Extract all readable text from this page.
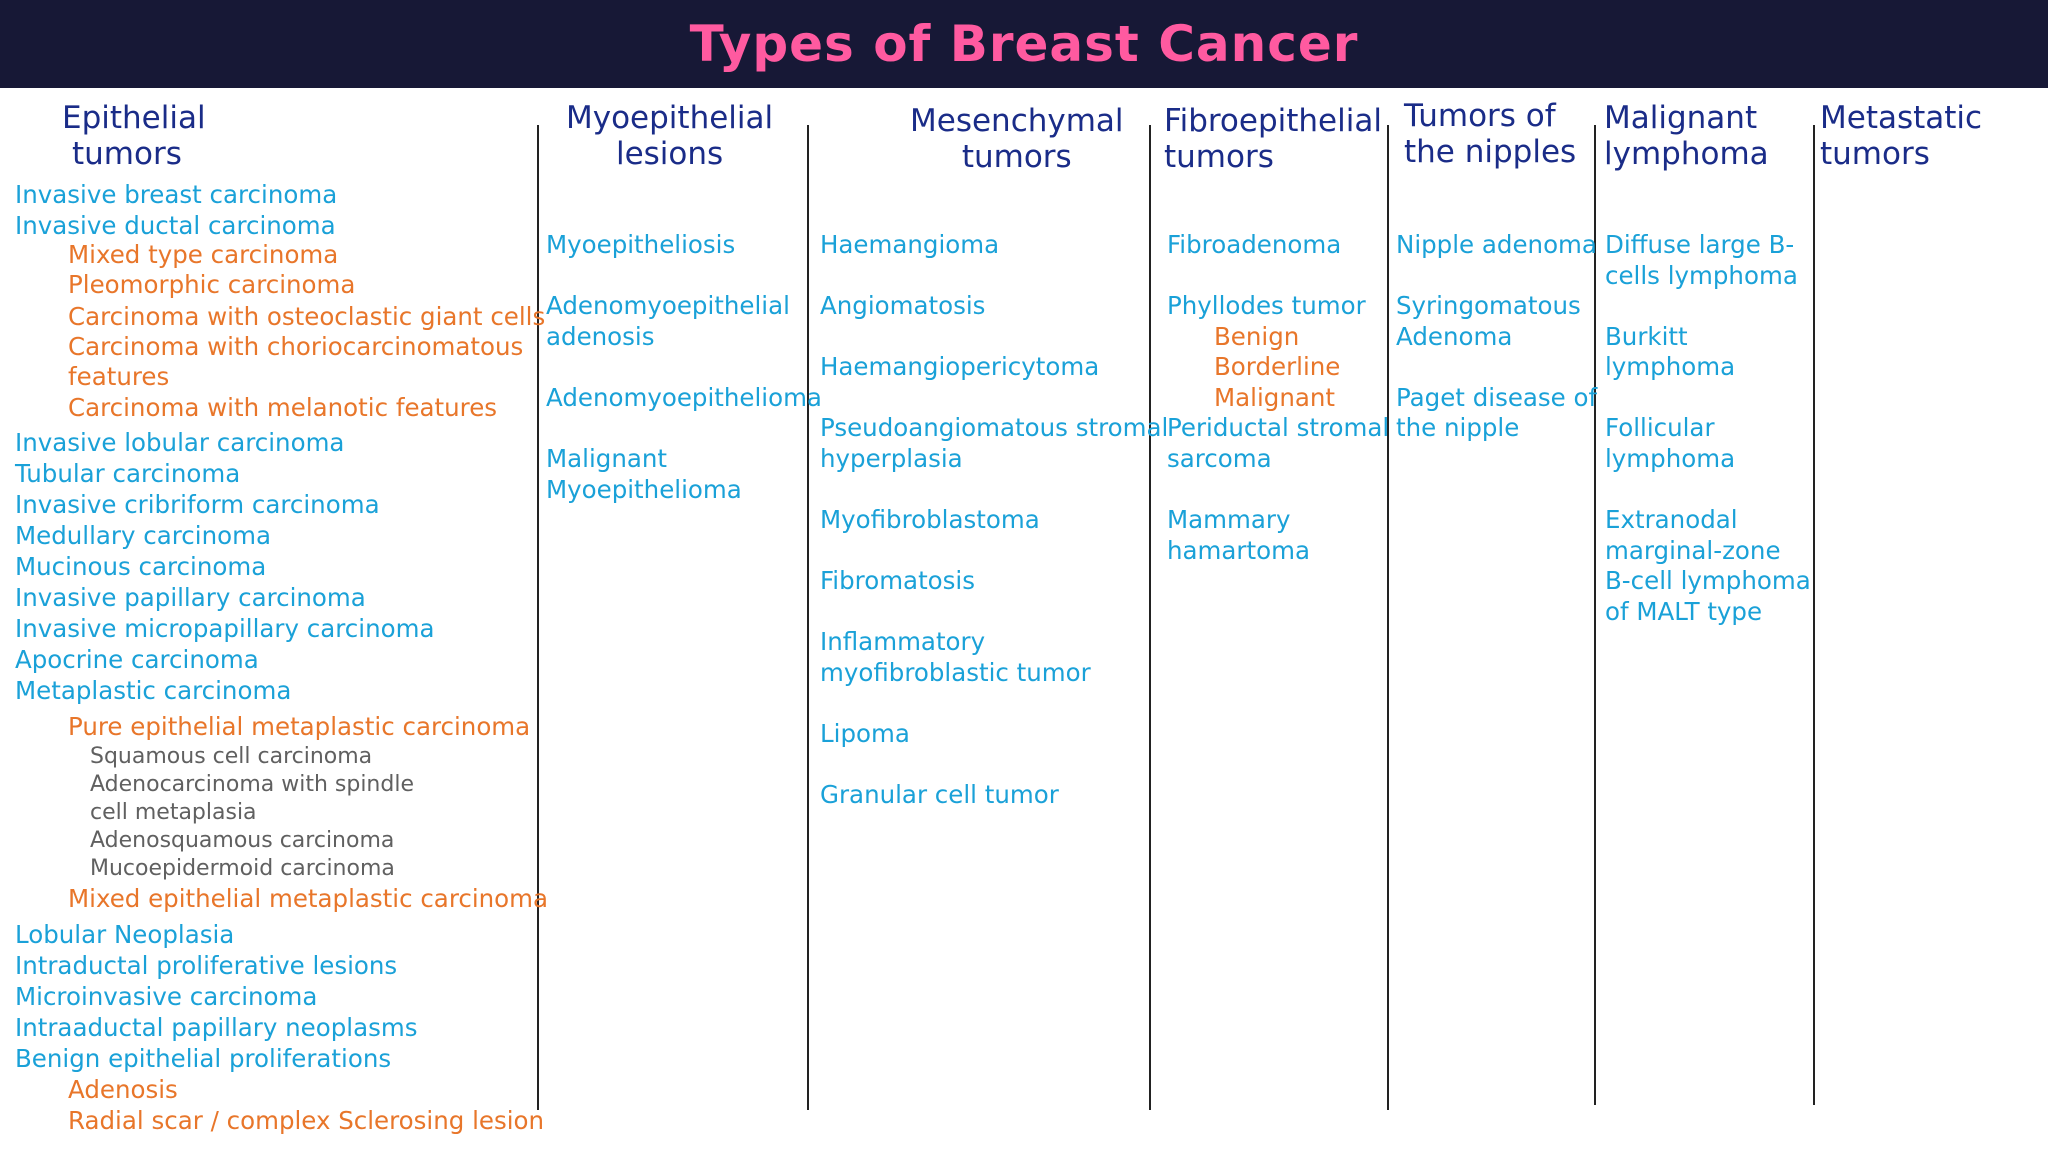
Types of Breast Cancer
Epithelial
tumors
Myoepithelial
lesions
Mesenchymal
tumors
Fibroepithelial
tumors
Tumors of
the nipples
Malignant
lymphoma
Metastatic
tumors
Invasive breast carcinoma
Invasive ductal carcinoma
Mixed type carcinoma
Pleomorphic carcinoma
Carcinoma with osteoclastic giant cells
Carcinoma with choriocarcinomatous
features
Carcinoma with melanotic features
Invasive lobular carcinoma
Tubular carcinoma
Invasive cribriform carcinoma
Medullary carcinoma
Mucinous carcinoma
Invasive papillary carcinoma
Invasive micropapillary carcinoma
Apocrine carcinoma
Metaplastic carcinoma
Pure epithelial metaplastic carcinoma
Squamous cell carcinoma
Adenocarcinoma with spindle
cell metaplasia
Adenosquamous carcinoma
Mucoepidermoid carcinoma
Mixed epithelial metaplastic carcinoma
Lobular Neoplasia
Intraductal proliferative lesions
Microinvasive carcinoma
Intraaductal papillary neoplasms
Benign epithelial proliferations
Adenosis
Radial scar / complex Sclerosing lesion
Myoepitheliosis
Adenomyoepithelial
adenosis
Adenomyoepithelioma
Malignant
Myoepithelioma
Haemangioma
Angiomatosis
Haemangiopericytoma
Pseudoangiomatous stromal
hyperplasia
Myofibroblastoma
Fibromatosis
Inflammatory
myofibroblastic tumor
Lipoma
Granular cell tumor
Fibroadenoma
Phyllodes tumor
Benign
Borderline
Malignant
Periductal stromal
sarcoma
Mammary
hamartoma
Nipple adenoma
Syringomatous
Adenoma
Paget disease of
the nipple
Diffuse large B-
cells lymphoma
Burkitt
lymphoma
Follicular
lymphoma
Extranodal
marginal-zone
B-cell lymphoma
of MALT type
